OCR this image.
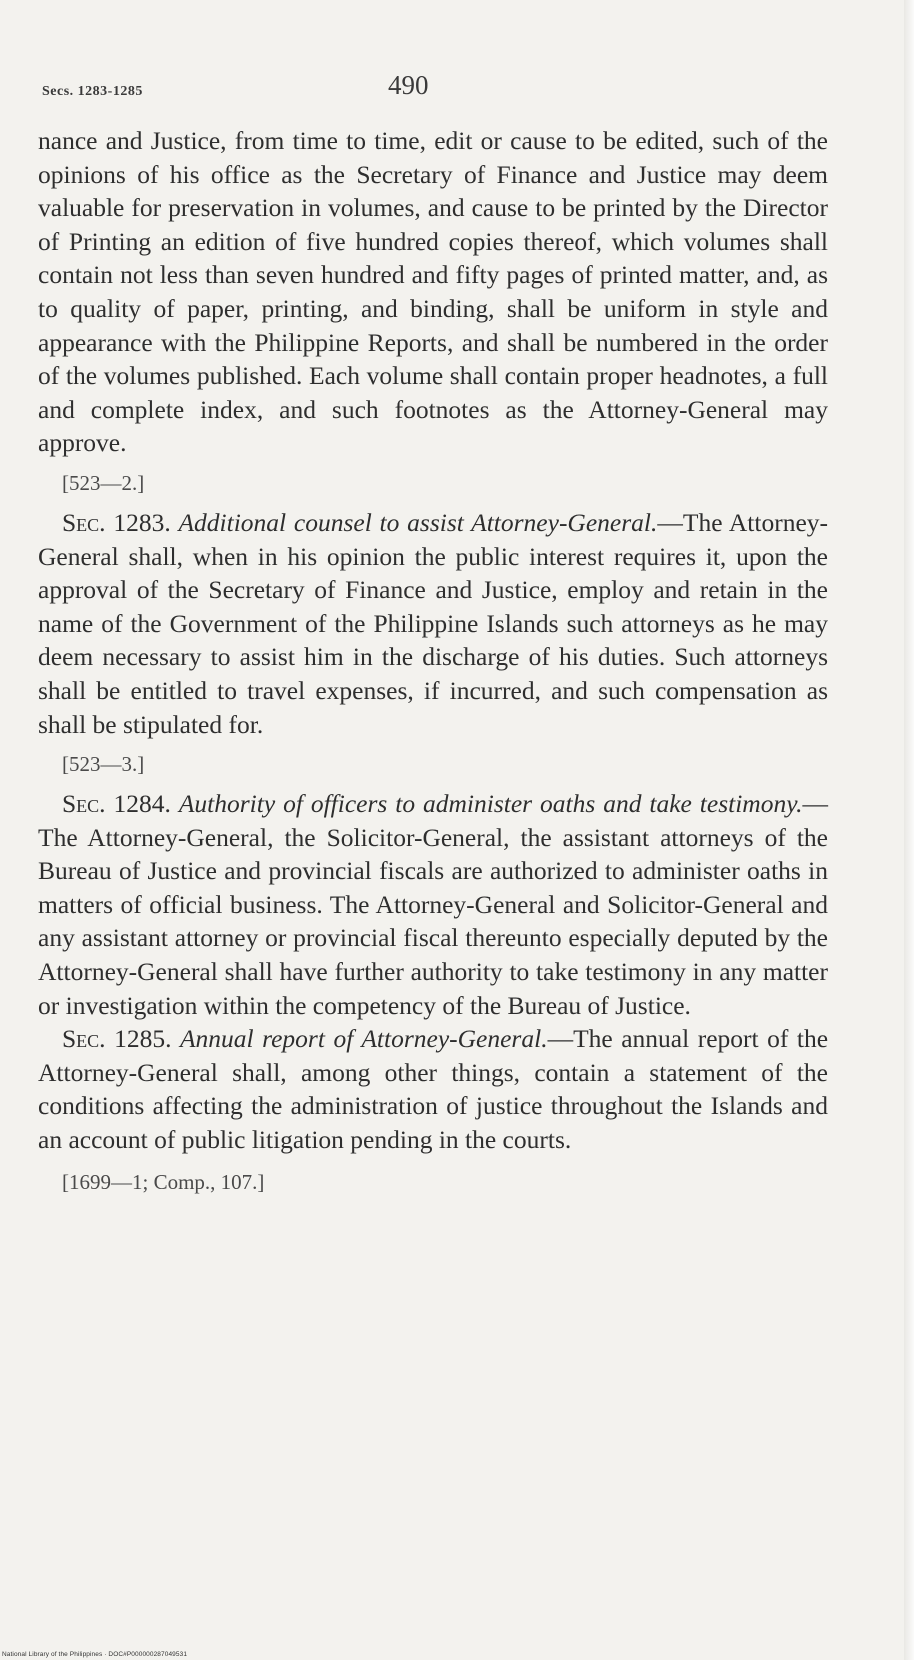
Secs. 1283-1285	490

nance and Justice, from time to time, edit or cause to be edited, such of the opinions of his office as the Secretary of Finance and Justice may deem valuable for preservation in volumes, and cause to be printed by the Director of Printing an edition of five hundred copies thereof, which volumes shall contain not less than seven hundred and fifty pages of printed matter, and, as to quality of paper, printing, and binding, shall be uniform in style and appearance with the Philippine Reports, and shall be numbered in the order of the volumes published. Each volume shall contain proper headnotes, a full and complete index, and such footnotes as the Attorney-General may approve.

[523—2.]

Sec. 1283. Additional counsel to assist Attorney-General.—The Attorney-General shall, when in his opinion the public interest requires it, upon the approval of the Secretary of Finance and Justice, employ and retain in the name of the Government of the Philippine Islands such attorneys as he may deem necessary to assist him in the discharge of his duties. Such attorneys shall be entitled to travel expenses, if incurred, and such compensation as shall be stipulated for.

[523—3.]

Sec. 1284. Authority of officers to administer oaths and take testimony.—The Attorney-General, the Solicitor-General, the assistant attorneys of the Bureau of Justice and provincial fiscals are authorized to administer oaths in matters of official business. The Attorney-General and Solicitor-General and any assistant attorney or provincial fiscal thereunto especially deputed by the Attorney-General shall have further authority to take testimony in any matter or investigation within the competency of the Bureau of Justice.

Sec. 1285. Annual report of Attorney-General.—The annual report of the Attorney-General shall, among other things, contain a statement of the conditions affecting the administration of justice throughout the Islands and an account of public litigation pending in the courts.

[1699—1; Comp., 107.]
National Library of the Philippines · DOC#P000000287049531
